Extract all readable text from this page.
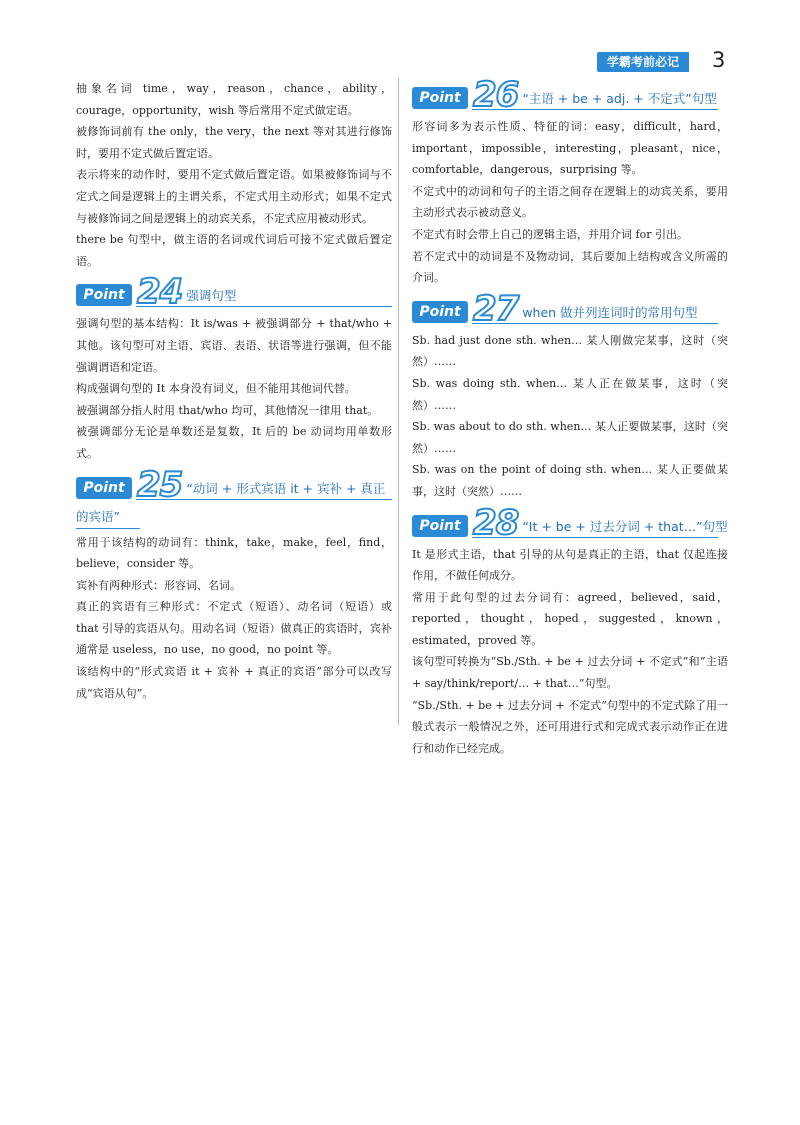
学霸考前必记	3

抽象名词 time，way，reason，chance，ability，courage，opportunity，wish 等后常用不定式做定语。

被修饰词前有 the only，the very，the next 等对其进行修饰时，要用不定式做后置定语。

表示将来的动作时，要用不定式做后置定语。如果被修饰词与不定式之间是逻辑上的主谓关系，不定式用主动形式；如果不定式与被修饰词之间是逻辑上的动宾关系，不定式应用被动形式。

there be 句型中，做主语的名词或代词后可接不定式做后置定语。

Point 24 强调句型

强调句型的基本结构：It is/was + 被强调部分 + that/who + 其他。该句型可对主语、宾语、表语、状语等进行强调，但不能强调谓语和定语。

构成强调句型的 It 本身没有词义，但不能用其他词代替。

被强调部分指人时用 that/who 均可，其他情况一律用 that。

被强调部分无论是单数还是复数，It 后的 be 动词均用单数形式。

Point 25 “动词 + 形式宾语 it + 宾补 + 真正
的宾语”

常用于该结构的动词有：think，take，make，feel，find，believe，consider 等。

宾补有两种形式：形容词、名词。

真正的宾语有三种形式：不定式（短语）、动名词（短语）或 that 引导的宾语从句。用动名词（短语）做真正的宾语时，宾补通常是 useless，no use，no good，no point 等。

该结构中的“形式宾语 it + 宾补 + 真正的宾语”部分可以改写成“宾语从句”。

Point 26 “主语 + be + adj. + 不定式”句型

形容词多为表示性质、特征的词：easy，difficult，hard，important，impossible，interesting，pleasant，nice，comfortable，dangerous，surprising 等。

不定式中的动词和句子的主语之间存在逻辑上的动宾关系，要用主动形式表示被动意义。

不定式有时会带上自己的逻辑主语，并用介词 for 引出。

若不定式中的动词是不及物动词，其后要加上结构或含义所需的介词。

Point 27 when 做并列连词时的常用句型

Sb. had just done sth. when… 某人刚做完某事，这时（突然）……

Sb. was doing sth. when… 某人正在做某事，这时（突然）……

Sb. was about to do sth. when… 某人正要做某事，这时（突然）……

Sb. was on the point of doing sth. when… 某人正要做某事，这时（突然）……

Point 28 “It + be + 过去分词 + that…”句型

It 是形式主语，that 引导的从句是真正的主语，that 仅起连接作用，不做任何成分。

常用于此句型的过去分词有：agreed，believed，said，reported，thought，hoped，suggested，known，estimated，proved 等。

该句型可转换为“Sb./Sth. + be + 过去分词 + 不定式”和“主语 + say/think/report/… + that…”句型。

“Sb./Sth. + be + 过去分词 + 不定式”句型中的不定式除了用一般式表示一般情况之外，还可用进行式和完成式表示动作正在进行和动作已经完成。
